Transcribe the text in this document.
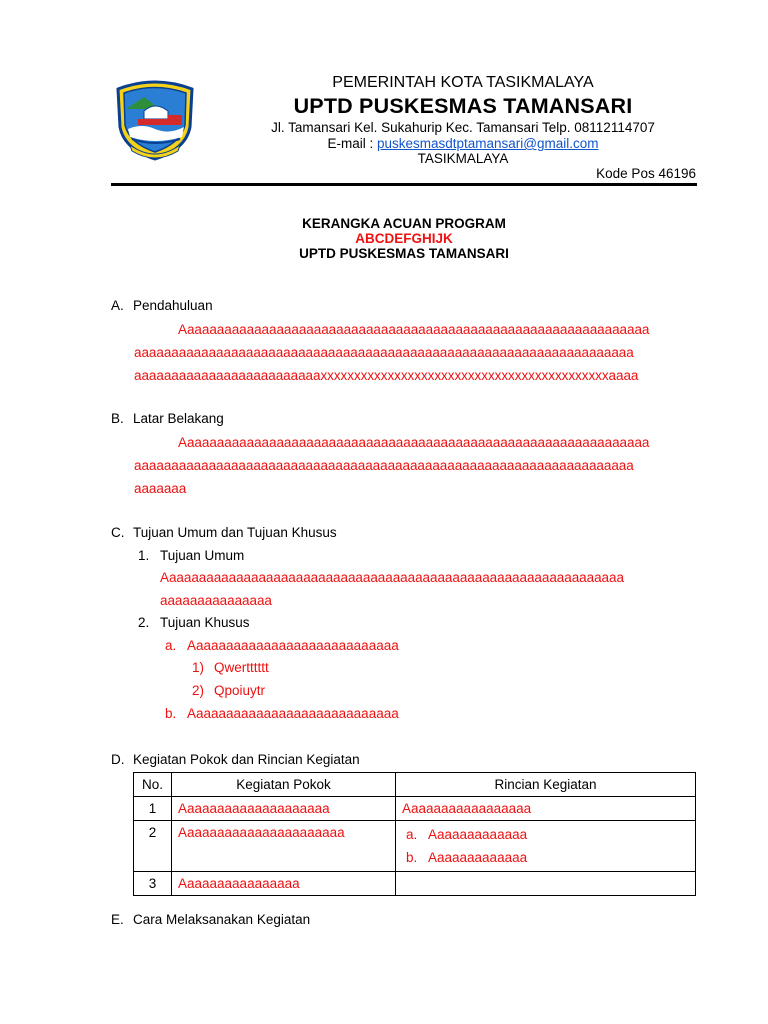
PEMERINTAH KOTA TASIKMALAYA
UPTD PUSKESMAS TAMANSARI
Jl. Tamansari Kel. Sukahurip Kec. Tamansari Telp. 08112114707
E-mail : puskesmasdtptamansari@gmail.com
TASIKMALAYA
Kode Pos 46196
KERANGKA ACUAN PROGRAM
ABCDEFGHIJK
UPTD PUSKESMAS TAMANSARI
A. Pendahuluan
Aaaaaaaaaaaaaaaaaaaaaaaaaaaaaaaaaaaaaaaaaaaaaaaaaaaaaaaaaaaaaaa
aaaaaaaaaaaaaaaaaaaaaaaaaaaaaaaaaaaaaaaaaaaaaaaaaaaaaaaaaaaaaaaaaaa
aaaaaaaaaaaaaaaaaaaaaaaaaxxxxxxxxxxxxxxxxxxxxxxxxxxxxxxxxxxxxxxxxxxxaaaa
B. Latar Belakang
Aaaaaaaaaaaaaaaaaaaaaaaaaaaaaaaaaaaaaaaaaaaaaaaaaaaaaaaaaaaaaaa
aaaaaaaaaaaaaaaaaaaaaaaaaaaaaaaaaaaaaaaaaaaaaaaaaaaaaaaaaaaaaaaaaaa
aaaaaaa
C. Tujuan Umum dan Tujuan Khusus
1. Tujuan Umum
Aaaaaaaaaaaaaaaaaaaaaaaaaaaaaaaaaaaaaaaaaaaaaaaaaaaaaaaaaaaaaa
aaaaaaaaaaaaaaa
2. Tujuan Khusus
a. Aaaaaaaaaaaaaaaaaaaaaaaaaaaa
1) Qwertttttt
2) Qpoiuytr
b. Aaaaaaaaaaaaaaaaaaaaaaaaaaaa
D. Kegiatan Pokok dan Rincian Kegiatan
No.	Kegiatan Pokok	Rincian Kegiatan
1	Aaaaaaaaaaaaaaaaaaaa	Aaaaaaaaaaaaaaaaa
2	Aaaaaaaaaaaaaaaaaaaaaa	a. Aaaaaaaaaaaaa
b. Aaaaaaaaaaaaa

3	Aaaaaaaaaaaaaaaa	
E. Cara Melaksanakan Kegiatan
